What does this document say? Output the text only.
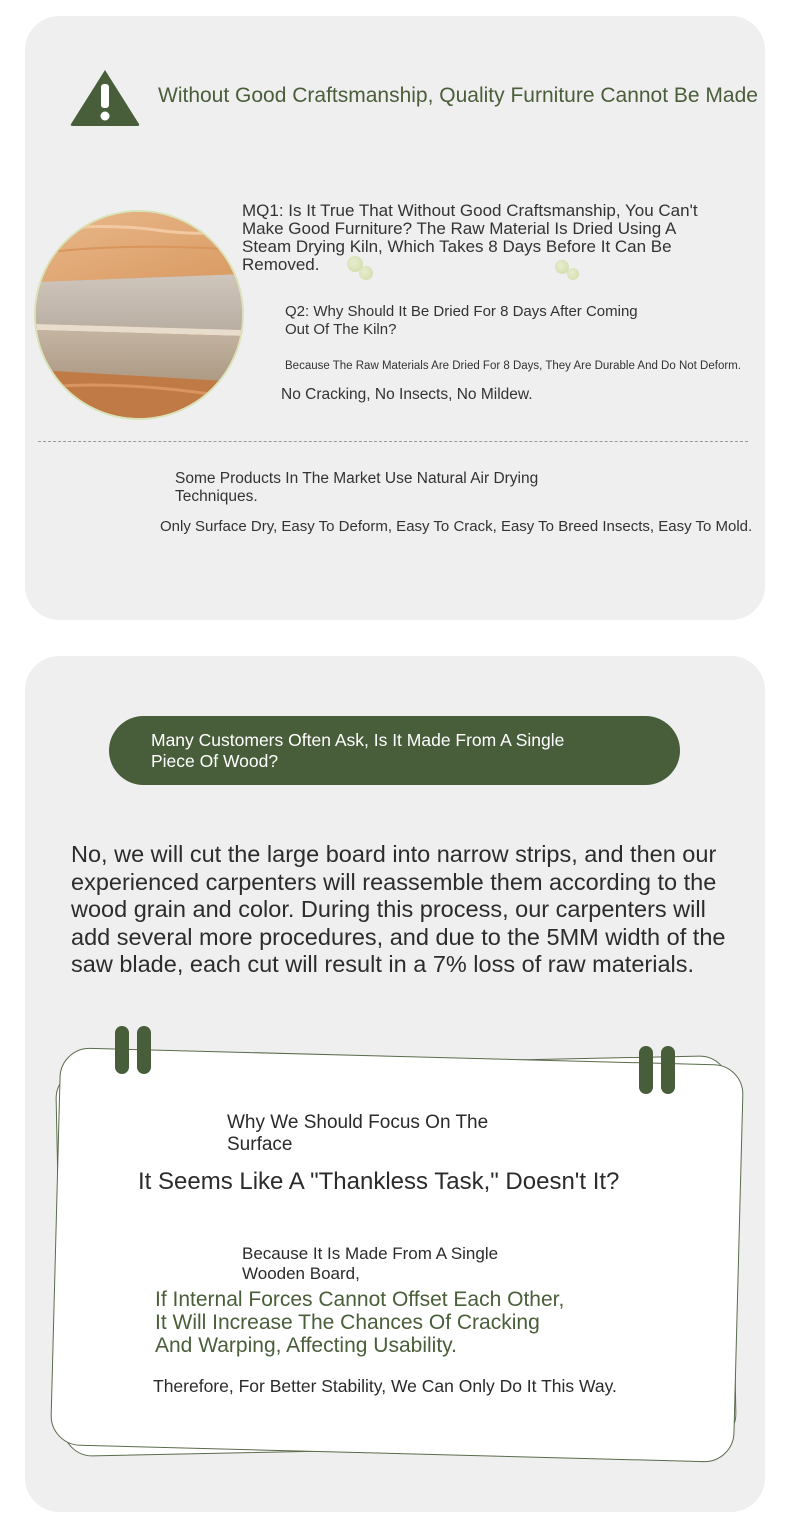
Without Good Craftsmanship, Quality Furniture Cannot Be Made
MQ1: Is It True That Without Good Craftsmanship, You Can't Make Good Furniture? The Raw Material Is Dried Using A Steam Drying Kiln, Which Takes 8 Days Before It Can Be Removed.
Q2: Why Should It Be Dried For 8 Days After Coming Out Of The Kiln?
Because The Raw Materials Are Dried For 8 Days, They Are Durable And Do Not Deform.
No Cracking, No Insects, No Mildew.
Some Products In The Market Use Natural Air Drying Techniques.
Only Surface Dry, Easy To Deform, Easy To Crack, Easy To Breed Insects, Easy To Mold.
Many Customers Often Ask, Is It Made From A Single Piece Of Wood?
No, we will cut the large board into narrow strips, and then our experienced carpenters will reassemble them according to the wood grain and color. During this process, our carpenters will add several more procedures, and due to the 5MM width of the saw blade, each cut will result in a 7% loss of raw materials.
Why We Should Focus On The Surface
It Seems Like A "Thankless Task," Doesn't It?
Because It Is Made From A Single Wooden Board,
If Internal Forces Cannot Offset Each Other, It Will Increase The Chances Of Cracking And Warping, Affecting Usability.
Therefore, For Better Stability, We Can Only Do It This Way.
